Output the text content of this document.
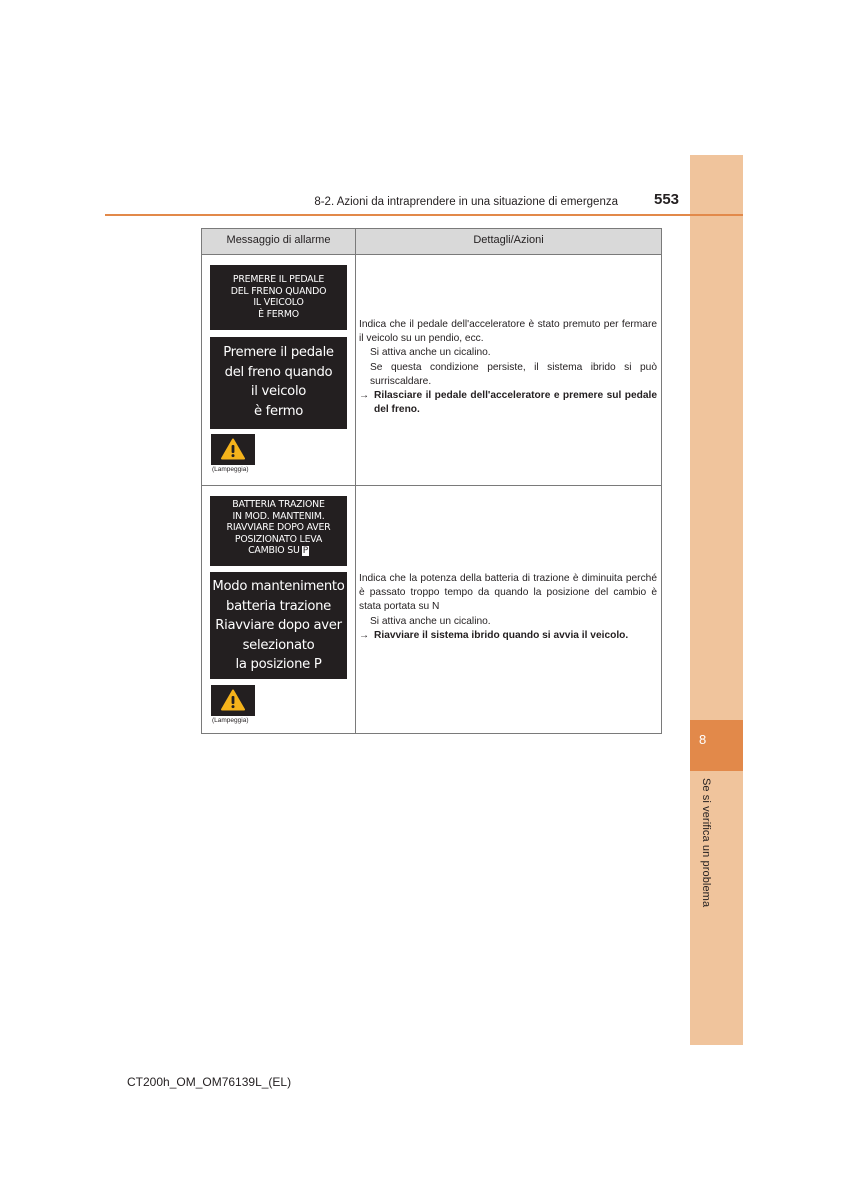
8
Se si verifica un problema
8-2. Azioni da intraprendere in una situazione di emergenza 553
Messaggio di allarme	Dettagli/Azioni
PREMERE IL PEDALE
DEL FRENO QUANDO
IL VEICOLO
È FERMO
Premere il pedale
del freno quando
il veicolo
è fermo
(Lampeggia)

Indica che il pedale dell'acceleratore è stato premuto per fermare il veicolo su un pendio, ecc.

Si attiva anche un cicalino.

Se questa condizione persiste, il sistema ibrido si può surriscaldare.

→ Rilasciare il pedale dell'acceleratore e premere sul pedale del freno.

BATTERIA TRAZIONE
IN MOD. MANTENIM.
RIAVVIARE DOPO AVER
POSIZIONATO LEVA
CAMBIO SU P
Modo mantenimento
batteria trazione
Riavviare dopo aver
selezionato
la posizione P
(Lampeggia)

Indica che la potenza della batteria di trazione è diminuita perché è passato troppo tempo da quando la posizione del cambio è stata portata su N

Si attiva anche un cicalino.

→ Riavviare il sistema ibrido quando si avvia il veicolo.

CT200h_OM_OM76139L_(EL)
